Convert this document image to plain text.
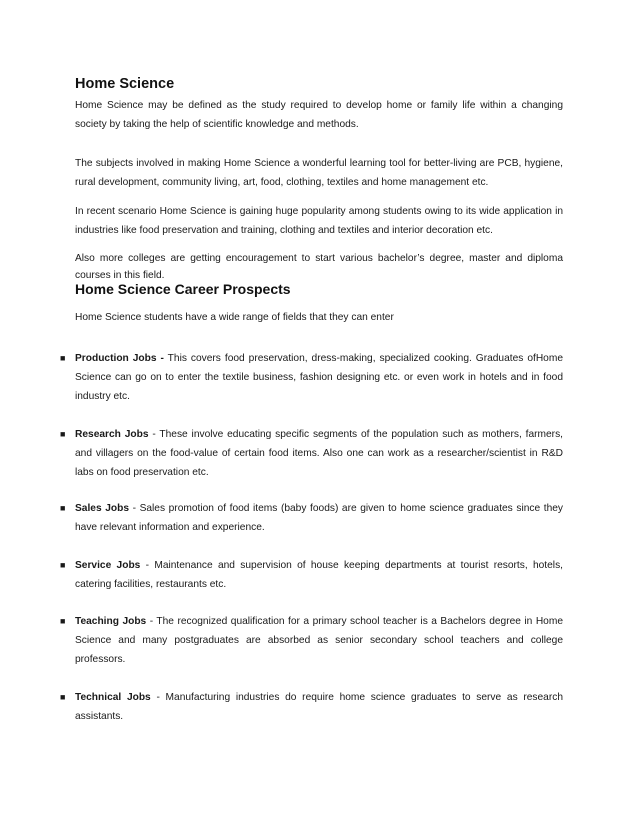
Home Science

Home Science may be defined as the study required to develop home or family life within a changing society by taking the help of scientific knowledge and methods.

The subjects involved in making Home Science a wonderful learning tool for better-living are PCB, hygiene, rural development, community living, art, food, clothing, textiles and home management etc.

In recent scenario Home Science is gaining huge popularity among students owing to its wide application in industries like food preservation and training, clothing and textiles and interior decoration etc.

Also more colleges are getting encouragement to start various bachelor’s degree, master and diploma courses in this field.

Home Science Career Prospects

Home Science students have a wide range of fields that they can enter

■ Production Jobs - This covers food preservation, dress-making, specialized cooking. Graduates ofHome Science can go on to enter the textile business, fashion designing etc. or even work in hotels and in food industry etc.

■ Research Jobs - These involve educating specific segments of the population such as mothers, farmers, and villagers on the food-value of certain food items. Also one can work as a researcher/scientist in R&D labs on food preservation etc.

■ Sales Jobs - Sales promotion of food items (baby foods) are given to home science graduates since they have relevant information and experience.

■ Service Jobs - Maintenance and supervision of house keeping departments at tourist resorts, hotels, catering facilities, restaurants etc.

■ Teaching Jobs - The recognized qualification for a primary school teacher is a Bachelors degree in Home Science and many postgraduates are absorbed as senior secondary school teachers and college professors.

■ Technical Jobs - Manufacturing industries do require home science graduates to serve as research assistants.
